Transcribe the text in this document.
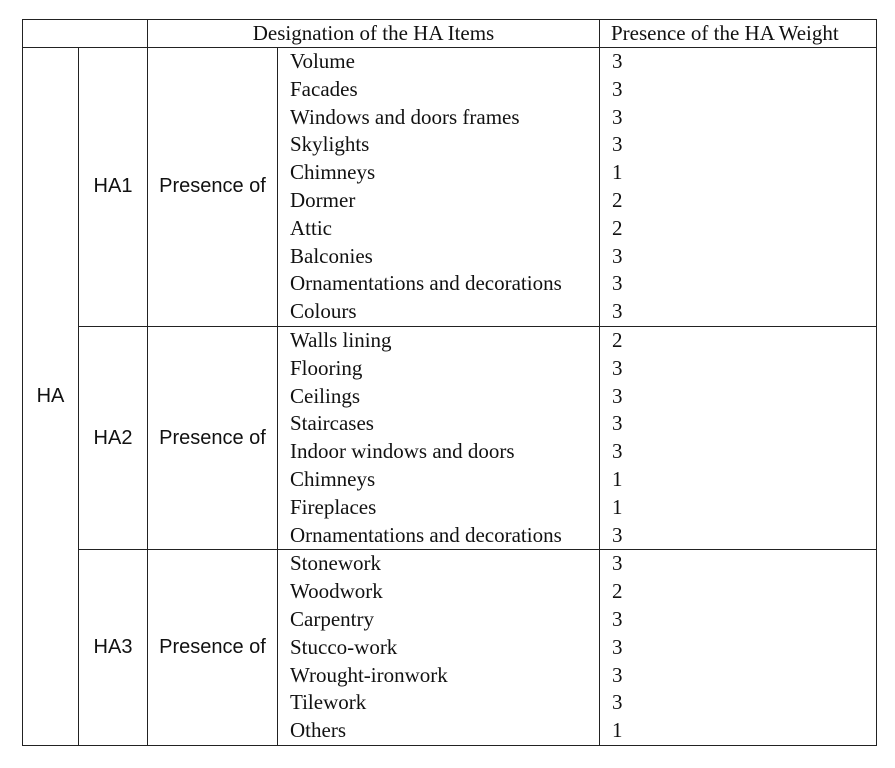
		Designation of the HA Items		Presence of the HA Weight
HA	HA1	Presence of	Volume	3
			Facades	3
			Windows and doors frames	3
			Skylights	3
			Chimneys	1
			Dormer	2
			Attic	2
			Balconies	3
			Ornamentations and decorations	3
			Colours	3
	HA2	Presence of	Walls lining	2
			Flooring	3
			Ceilings	3
			Staircases	3
			Indoor windows and doors	3
			Chimneys	1
			Fireplaces	1
			Ornamentations and decorations	3
	HA3	Presence of	Stonework	3
			Woodwork	2
			Carpentry	3
			Stucco-work	3
			Wrought-ironwork	3
			Tilework	3
			Others	1
